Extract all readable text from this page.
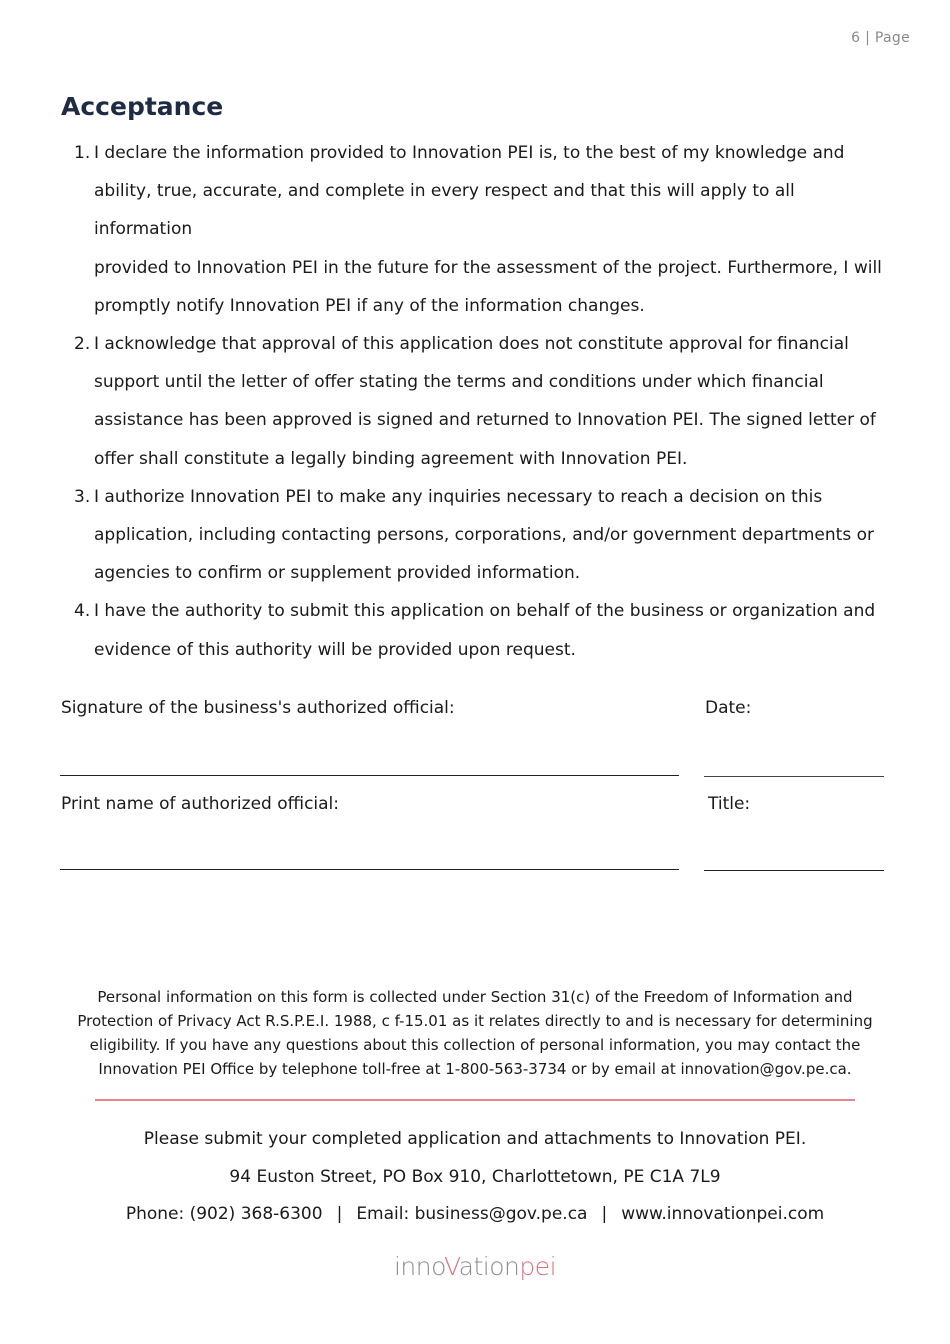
6 | Page
Acceptance
1. I declare the information provided to Innovation PEI is, to the best of my knowledge and
ability, true, accurate, and complete in every respect and that this will apply to all information
provided to Innovation PEI in the future for the assessment of the project. Furthermore, I will
promptly notify Innovation PEI if any of the information changes.
2. I acknowledge that approval of this application does not constitute approval for financial
support until the letter of offer stating the terms and conditions under which financial
assistance has been approved is signed and returned to Innovation PEI. The signed letter of
offer shall constitute a legally binding agreement with Innovation PEI.
3. I authorize Innovation PEI to make any inquiries necessary to reach a decision on this
application, including contacting persons, corporations, and/or government departments or
agencies to confirm or supplement provided information.
4. I have the authority to submit this application on behalf of the business or organization and
evidence of this authority will be provided upon request.
Signature of the business's authorized official:	Date:
Print name of authorized official:	Title:

Personal information on this form is collected under Section 31(c) of the Freedom of Information and
Protection of Privacy Act R.S.P.E.I. 1988, c f-15.01 as it relates directly to and is necessary for determining
eligibility. If you have any questions about this collection of personal information, you may contact the
Innovation PEI Office by telephone toll-free at 1-800-563-3734 or by email at innovation@gov.pe.ca.

Please submit your completed application and attachments to Innovation PEI.
94 Euston Street, PO Box 910, Charlottetown, PE C1A 7L9
Phone: (902) 368-6300 | Email: business@gov.pe.ca | www.innovationpei.com
innoVationpei
